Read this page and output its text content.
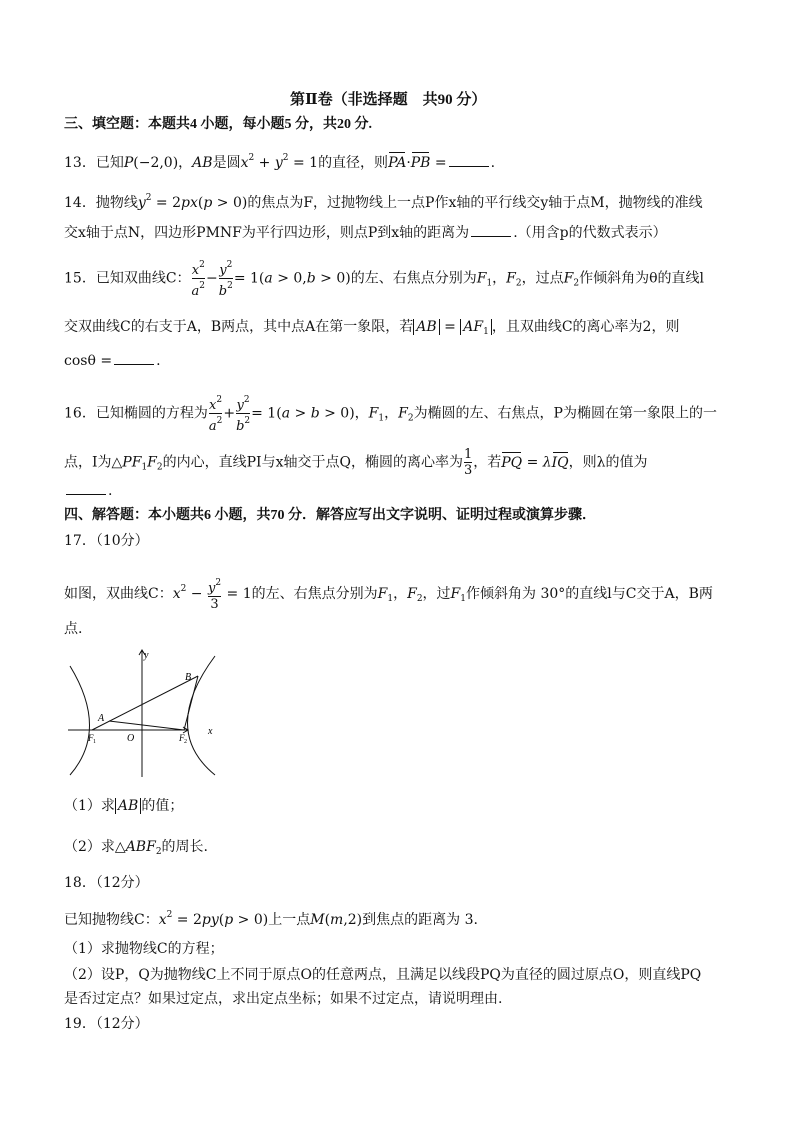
第Ⅱ卷（非选择题　共90 分）
三、填空题：本题共4 小题，每小题5 分，共20 分.
13．已知P(−2,0)，AB是圆$x^2 + y^2 = 1$的直径，则PA·PB =	.
14．抛物线$y^2 = 2px(p > 0)$的焦点为F，过抛物线上一点P作x轴的平行线交y轴于点M，抛物线的准线
交x轴于点N，四边形PMNF为平行四边形，则点P到x轴的距离为	.（用含p的代数式表示）
15．已知双曲线C： $\frac{x^2}{a^2} - \frac{y^2}{b^2} = 1(a > 0,b > 0)$的左、右焦点分别为$F_1$，$F_2$，过点$F_2$作倾斜角为θ的直线l
交双曲线C的右支于A，B两点，其中点A在第一象限，若 AB = $AF_1$ ，且双曲线C的离心率为2，则
cosθ =	.
16．已知椭圆的方程为 $\frac{x^2}{a^2} + \frac{y^2}{b^2} = 1(a > b > 0)$，$F_1$，$F_2$为椭圆的左、右焦点，P为椭圆在第一象限上的一
点，I为$\triangle PF_1F_2$的内心，直线PI与x轴交于点Q，椭圆的离心率为 $\frac{1}{3}$ ，若PQ = λIQ，则λ的值为
.
四、解答题：本小题共6 小题，共70 分．解答应写出文字说明、证明过程或演算步骤．
17．（10分）
如图，双曲线C：$x^2 - \frac{y^2}{3} = 1$的左、右焦点分别为$F_1$，$F_2$，过$F_1$作倾斜角为 30°的直线l与C交于A，B两
点.
y
x
A
B
O
F 1	F 2
（1）求 AB 的值；
（2）求$\triangle ABF_2$的周长.
18．（12分）
已知抛物线C：$x^2 = 2py(p > 0)$上一点M(m,2)到焦点的距离为 3.
（1）求抛物线C的方程；
（2）设P，Q为抛物线C上不同于原点O的任意两点，且满足以线段PQ为直径的圆过原点O，则直线PQ
是否过定点？如果过定点，求出定点坐标；如果不过定点，请说明理由.
19．（12分）
